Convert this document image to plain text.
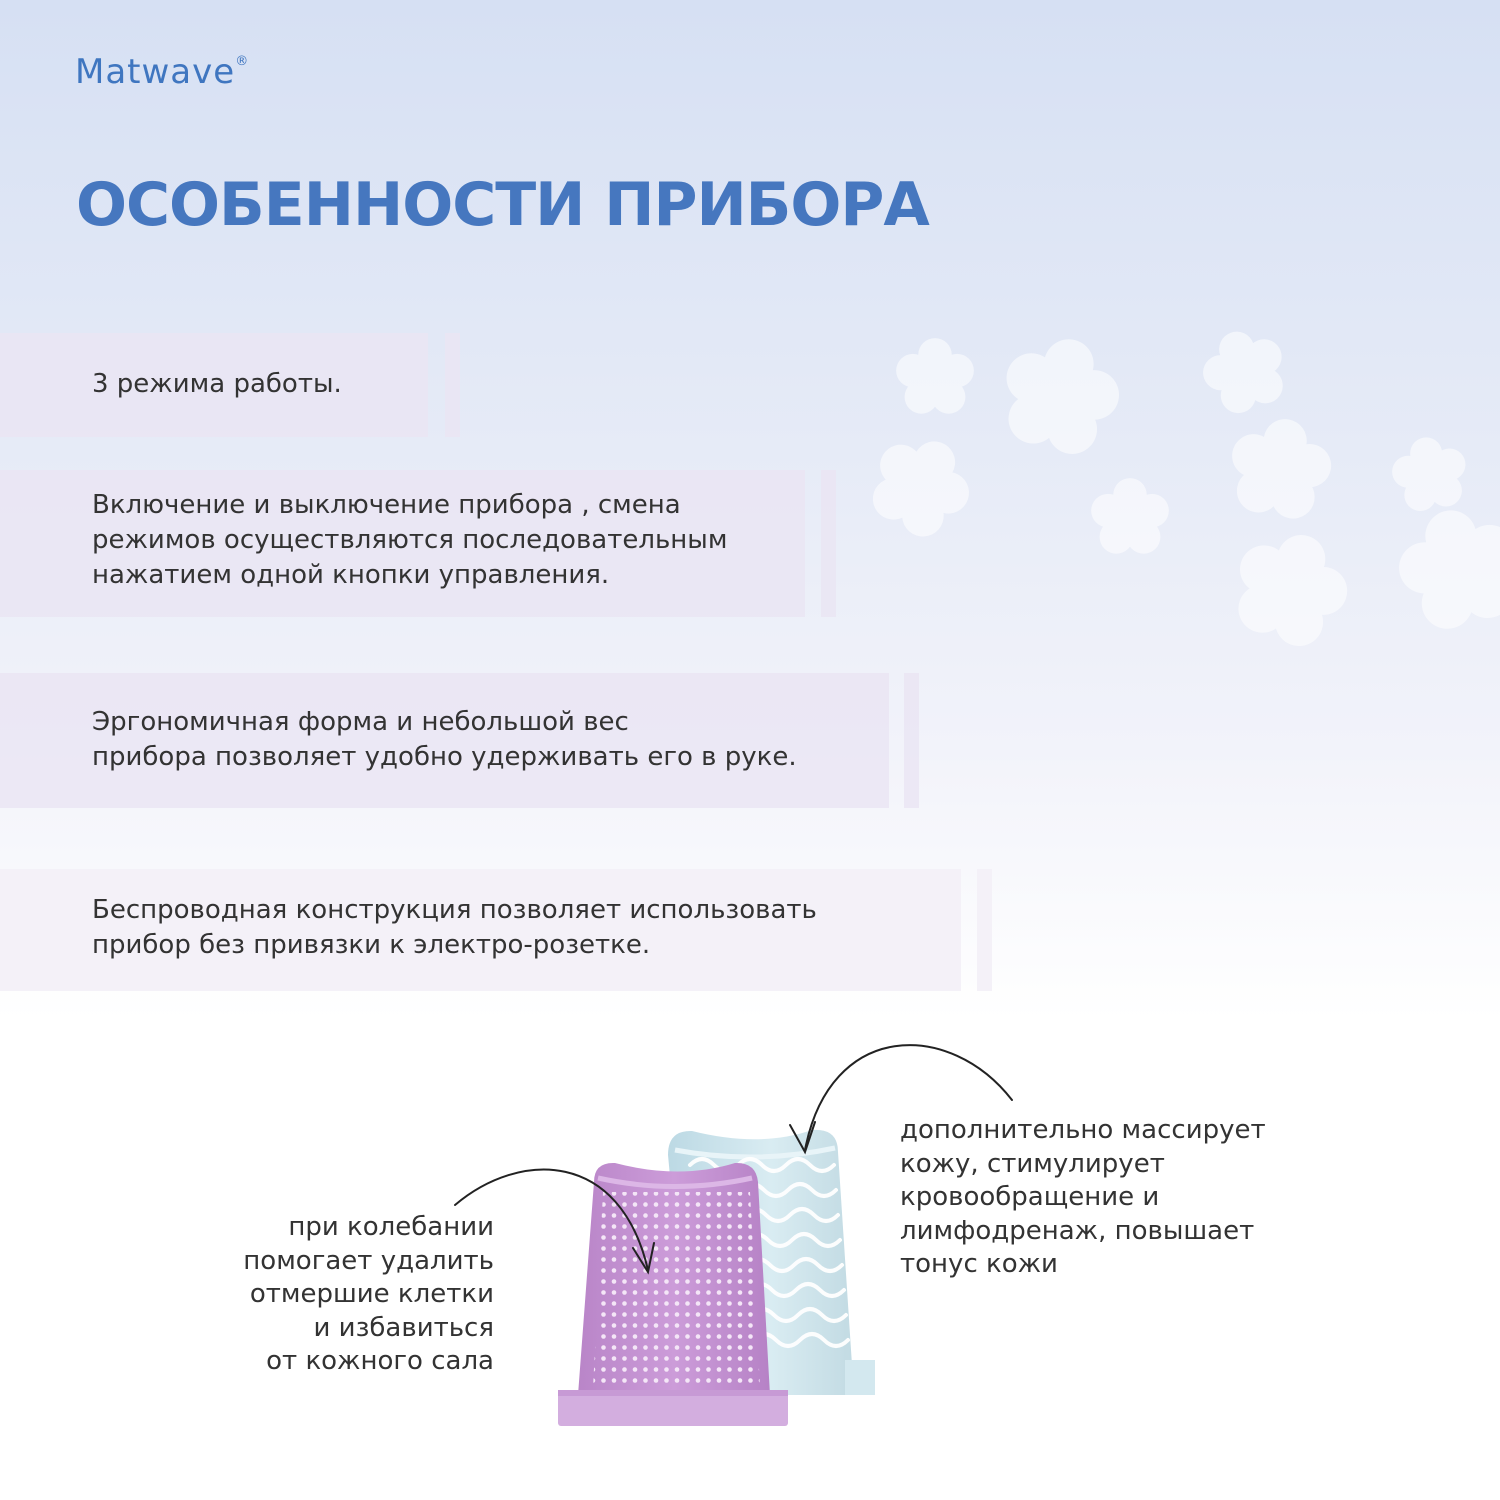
Matwave®
ОСОБЕННОСТИ ПРИБОРА

3 режима работы.

Включение и выключение прибора , смена
режимов осуществляются последовательным
нажатием одной кнопки управления.

Эргономичная форма и небольшой вес
прибора позволяет удобно удерживать его в руке.

Беспроводная конструкция позволяет использовать
прибор без привязки к электро-розетке.

при колебании
помогает удалить
отмершие клетки
и избавиться
от кожного сала

дополнительно массирует
кожу, стимулирует
кровообращение и
лимфодренаж, повышает
тонус кожи
